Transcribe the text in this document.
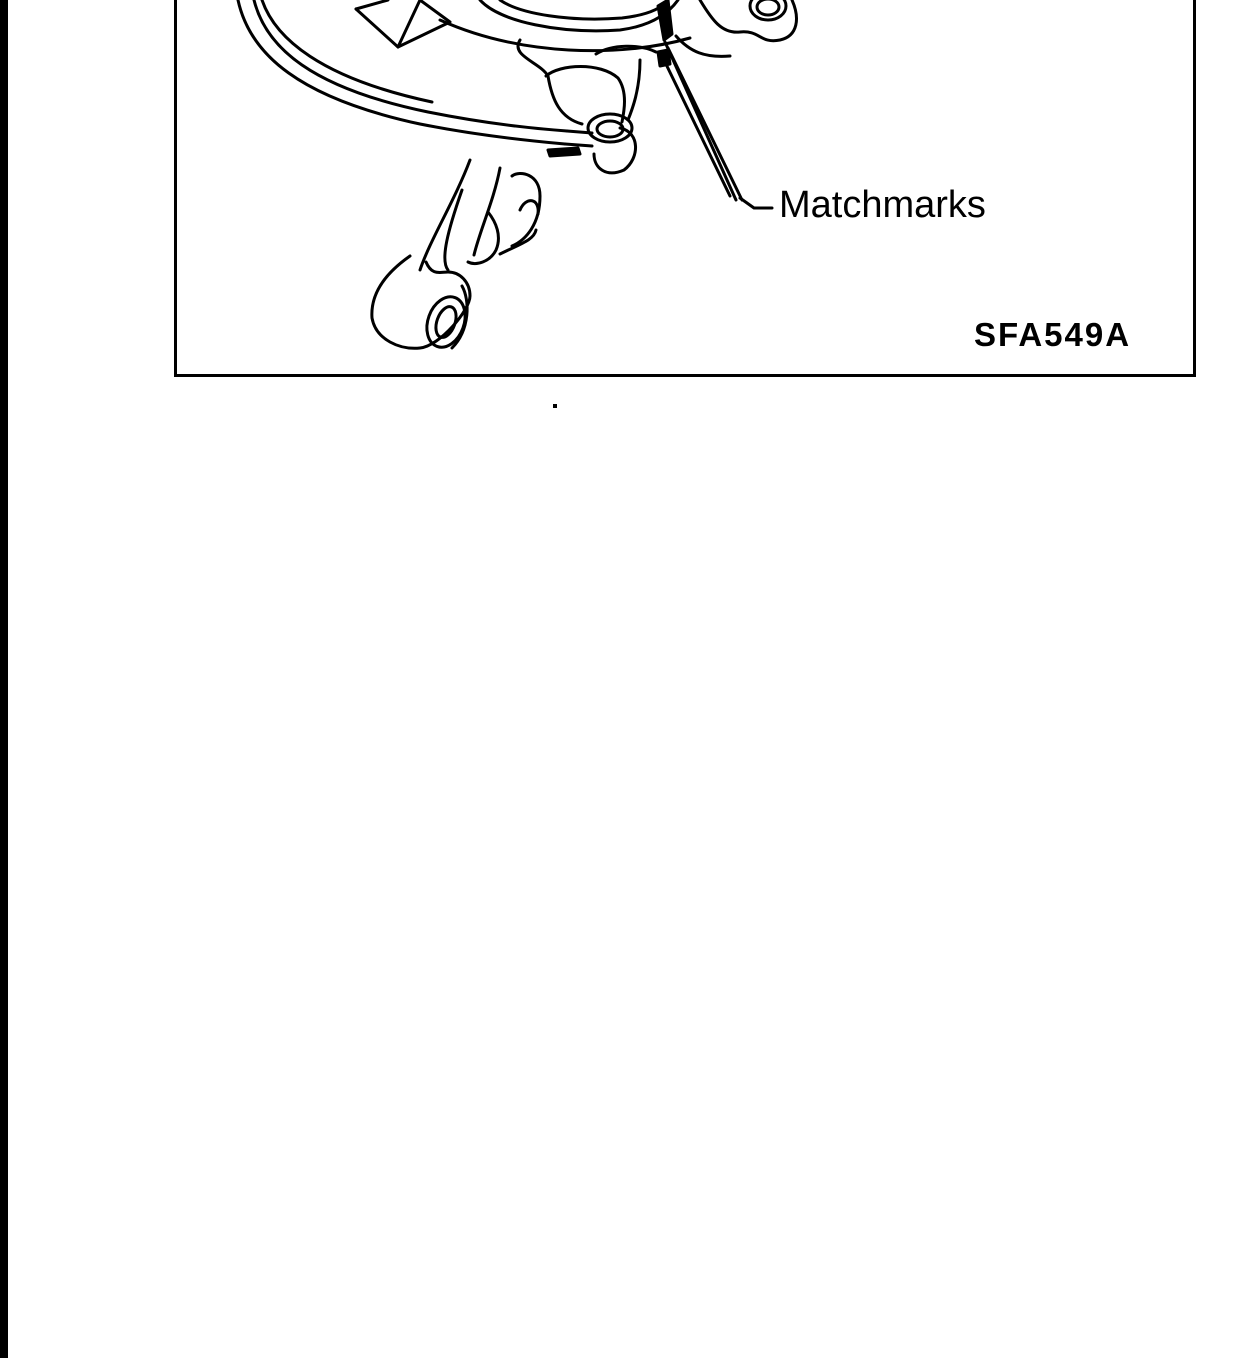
Matchmarks
SFA549A
